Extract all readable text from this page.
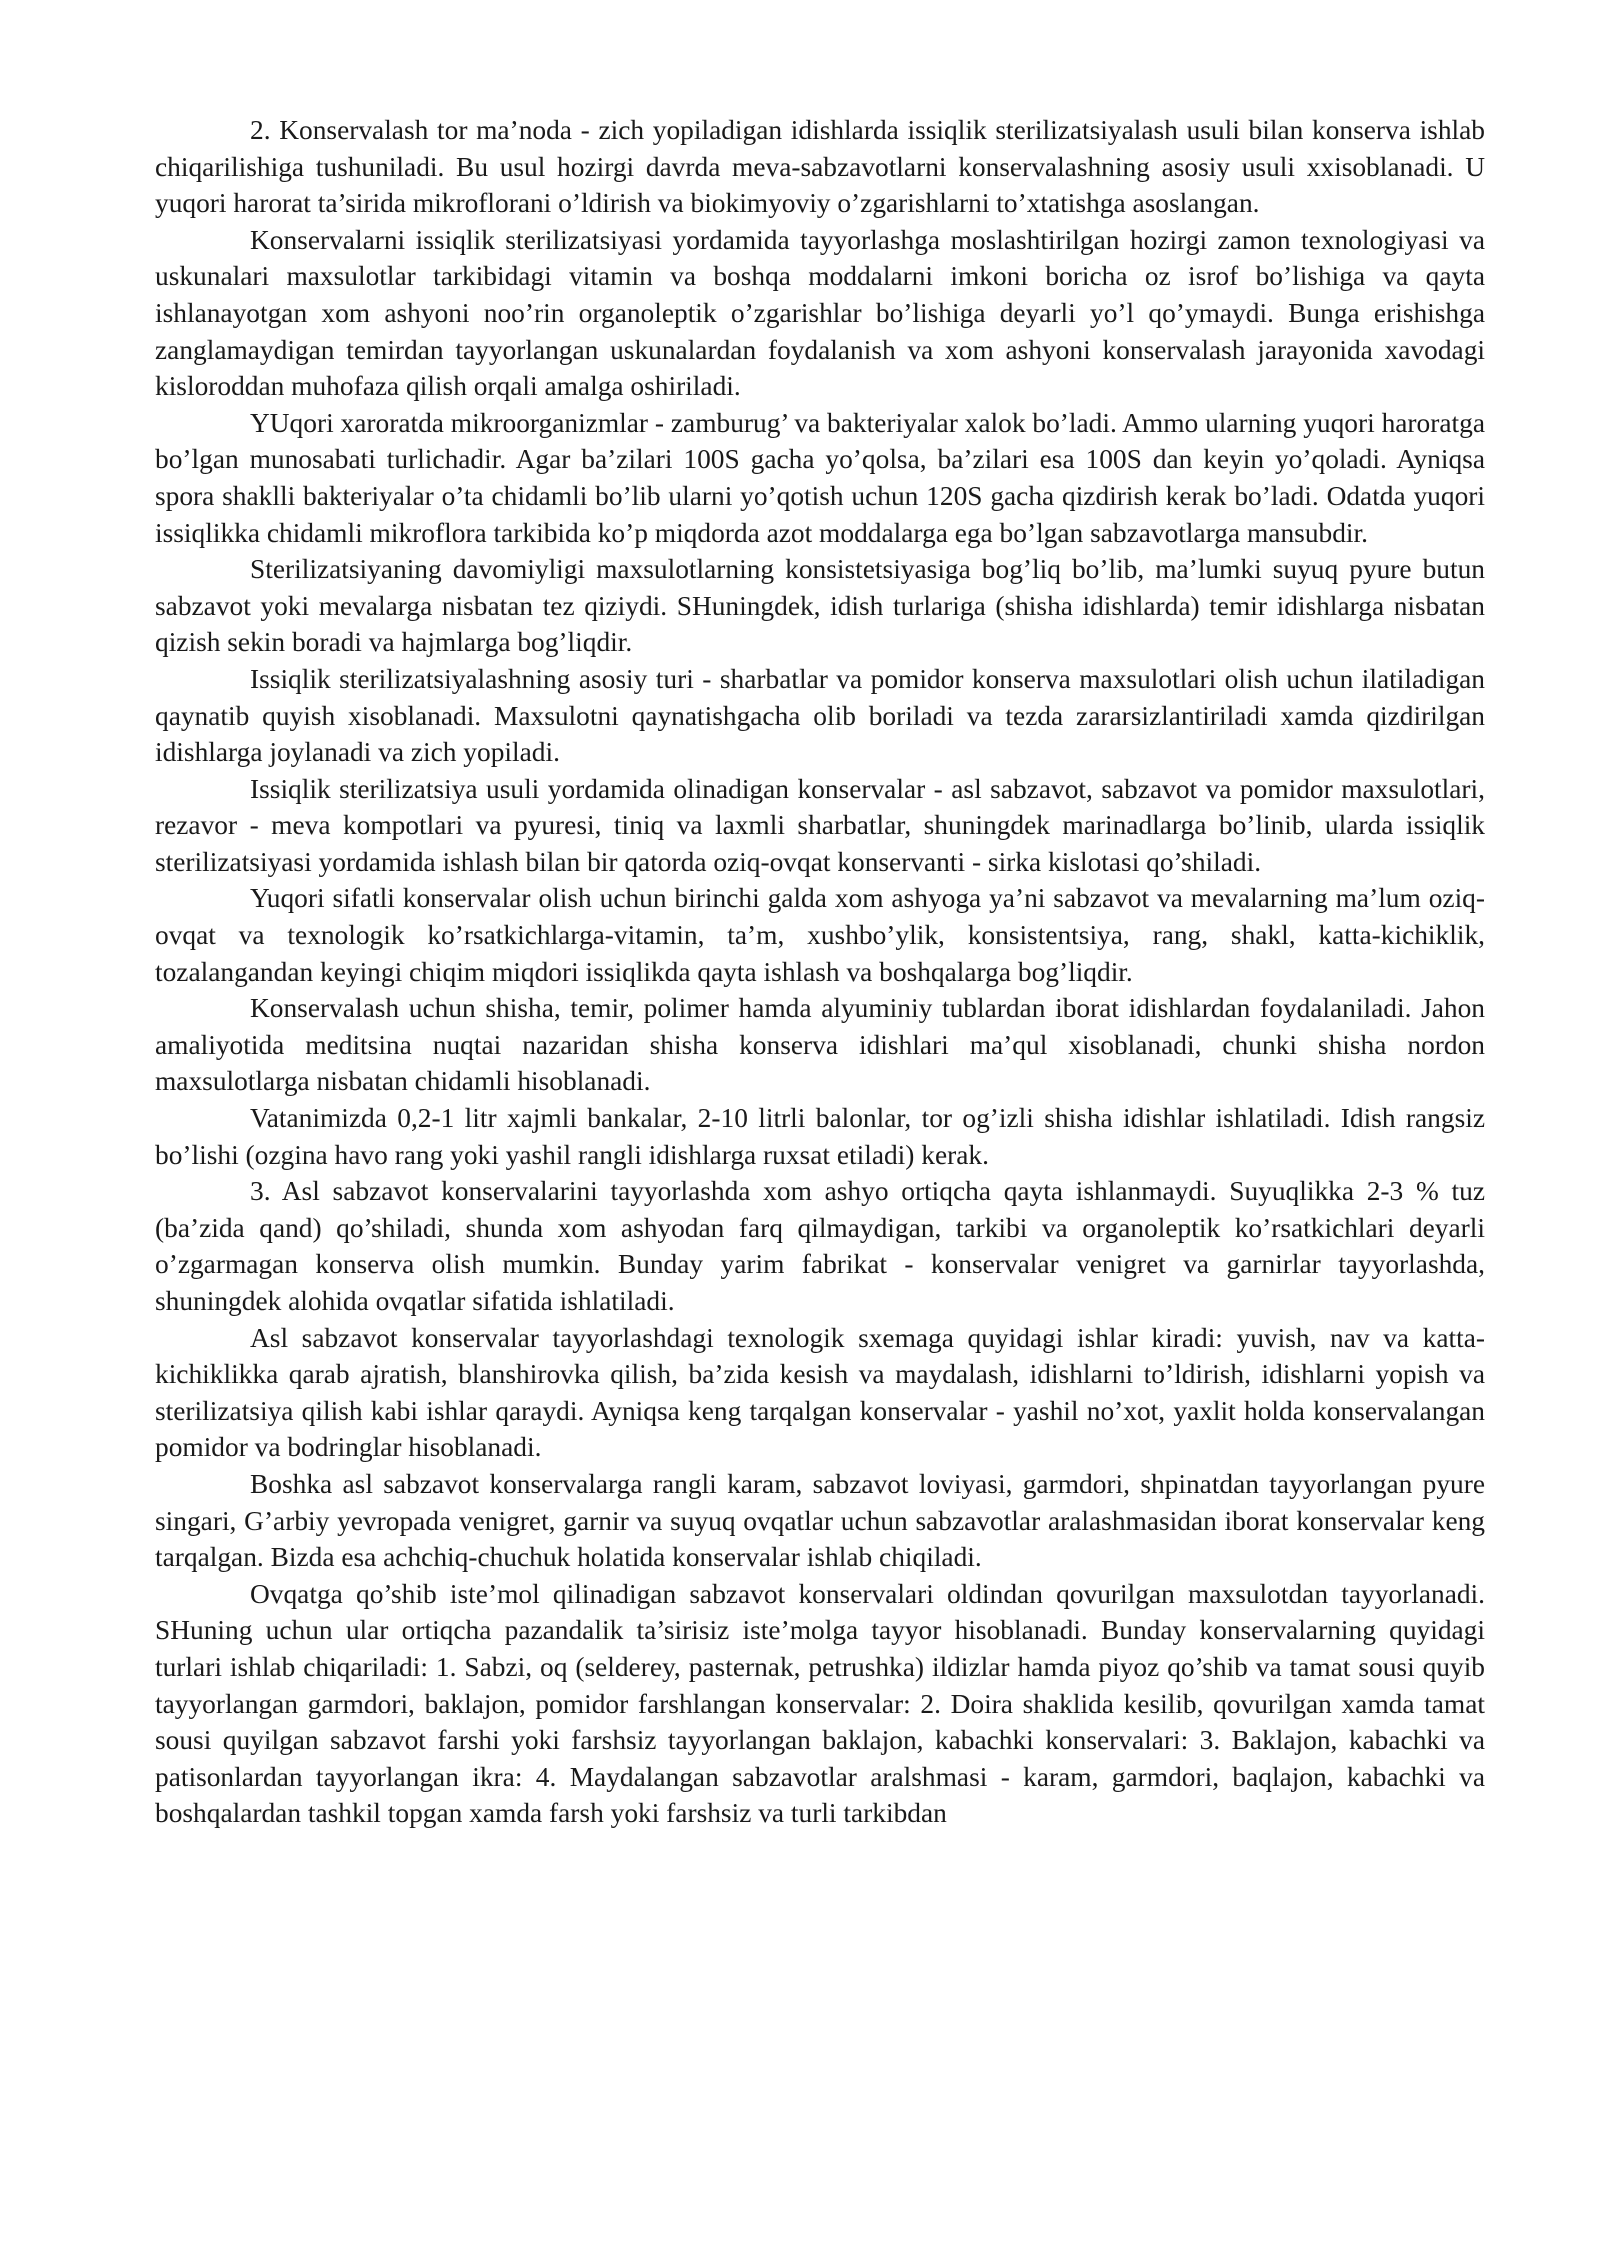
2. Konservalash tor ma’noda - zich yopiladigan idishlarda issiqlik sterilizatsiyalash usuli bilan konserva ishlab chiqarilishiga tushuniladi. Bu usul hozirgi davrda meva-sabzavotlarni konservalashning asosiy usuli xxisoblanadi. U yuqori harorat ta’sirida mikroflorani o’ldirish va biokimyoviy o’zgarishlarni to’xtatishga asoslangan.

Konservalarni issiqlik sterilizatsiyasi yordamida tayyorlashga moslashtirilgan hozirgi zamon texnologiyasi va uskunalari maxsulotlar tarkibidagi vitamin va boshqa moddalarni imkoni boricha oz isrof bo’lishiga va qayta ishlanayotgan xom ashyoni noo’rin organoleptik o’zgarishlar bo’lishiga deyarli yo’l qo’ymaydi. Bunga erishishga zanglamaydigan temirdan tayyorlangan uskunalardan foydalanish va xom ashyoni konservalash jarayonida xavodagi kisloroddan muhofaza qilish orqali amalga oshiriladi.

YUqori xaroratda mikroorganizmlar - zamburug’ va bakteriyalar xalok bo’ladi. Ammo ularning yuqori haroratga bo’lgan munosabati turlichadir. Agar ba’zilari 100S gacha yo’qolsa, ba’zilari esa 100S dan keyin yo’qoladi. Ayniqsa spora shaklli bakteriyalar o’ta chidamli bo’lib ularni yo’qotish uchun 120S gacha qizdirish kerak bo’ladi. Odatda yuqori issiqlikka chidamli mikroflora tarkibida ko’p miqdorda azot moddalarga ega bo’lgan sabzavotlarga mansubdir.

Sterilizatsiyaning davomiyligi maxsulotlarning konsistetsiyasiga bog’liq bo’lib, ma’lumki suyuq pyure butun sabzavot yoki mevalarga nisbatan tez qiziydi. SHuningdek, idish turlariga (shisha idishlarda) temir idishlarga nisbatan qizish sekin boradi va hajmlarga bog’liqdir.

Issiqlik sterilizatsiyalashning asosiy turi - sharbatlar va pomidor konserva maxsulotlari olish uchun ilatiladigan qaynatib quyish xisoblanadi. Maxsulotni qaynatishgacha olib boriladi va tezda zararsizlantiriladi xamda qizdirilgan idishlarga joylanadi va zich yopiladi.

Issiqlik sterilizatsiya usuli yordamida olinadigan konservalar - asl sabzavot, sabzavot va pomidor maxsulotlari, rezavor - meva kompotlari va pyuresi, tiniq va laxmli sharbatlar, shuningdek marinadlarga bo’linib, ularda issiqlik sterilizatsiyasi yordamida ishlash bilan bir qatorda oziq-ovqat konservanti - sirka kislotasi qo’shiladi.

Yuqori sifatli konservalar olish uchun birinchi galda xom ashyoga ya’ni sabzavot va mevalarning ma’lum oziq-ovqat va texnologik ko’rsatkichlarga-vitamin, ta’m, xushbo’ylik, konsistentsiya, rang, shakl, katta-kichiklik, tozalangandan keyingi chiqim miqdori issiqlikda qayta ishlash va boshqalarga bog’liqdir.

Konservalash uchun shisha, temir, polimer hamda alyuminiy tublardan iborat idishlardan foydalaniladi. Jahon amaliyotida meditsina nuqtai nazaridan shisha konserva idishlari ma’qul xisoblanadi, chunki shisha nordon maxsulotlarga nisbatan chidamli hisoblanadi.

Vatanimizda 0,2-1 litr xajmli bankalar, 2-10 litrli balonlar, tor og’izli shisha idishlar ishlatiladi. Idish rangsiz bo’lishi (ozgina havo rang yoki yashil rangli idishlarga ruxsat etiladi) kerak.

3. Asl sabzavot konservalarini tayyorlashda xom ashyo ortiqcha qayta ishlanmaydi. Suyuqlikka 2-3 % tuz (ba’zida qand) qo’shiladi, shunda xom ashyodan farq qilmaydigan, tarkibi va organoleptik ko’rsatkichlari deyarli o’zgarmagan konserva olish mumkin. Bunday yarim fabrikat - konservalar venigret va garnirlar tayyorlashda, shuningdek alohida ovqatlar sifatida ishlatiladi.

Asl sabzavot konservalar tayyorlashdagi texnologik sxemaga quyidagi ishlar kiradi: yuvish, nav va katta-kichiklikka qarab ajratish, blanshirovka qilish, ba’zida kesish va maydalash, idishlarni to’ldirish, idishlarni yopish va sterilizatsiya qilish kabi ishlar qaraydi. Ayniqsa keng tarqalgan konservalar - yashil no’xot, yaxlit holda konservalangan pomidor va bodringlar hisoblanadi.

Boshka asl sabzavot konservalarga rangli karam, sabzavot loviyasi, garmdori, shpinatdan tayyorlangan pyure singari, G’arbiy yevropada venigret, garnir va suyuq ovqatlar uchun sabzavotlar aralashmasidan iborat konservalar keng tarqalgan. Bizda esa achchiq-chuchuk holatida konservalar ishlab chiqiladi.

Ovqatga qo’shib iste’mol qilinadigan sabzavot konservalari oldindan qovurilgan maxsulotdan tayyorlanadi. SHuning uchun ular ortiqcha pazandalik ta’sirisiz iste’molga tayyor hisoblanadi. Bunday konservalarning quyidagi turlari ishlab chiqariladi: 1. Sabzi, oq (selderey, pasternak, petrushka) ildizlar hamda piyoz qo’shib va tamat sousi quyib tayyorlangan garmdori, baklajon, pomidor farshlangan konservalar: 2. Doira shaklida kesilib, qovurilgan xamda tamat sousi quyilgan sabzavot farshi yoki farshsiz tayyorlangan baklajon, kabachki konservalari: 3. Baklajon, kabachki va patisonlardan tayyorlangan ikra: 4. Maydalangan sabzavotlar aralshmasi - karam, garmdori, baqlajon, kabachki va boshqalardan tashkil topgan xamda farsh yoki farshsiz va turli tarkibdan
